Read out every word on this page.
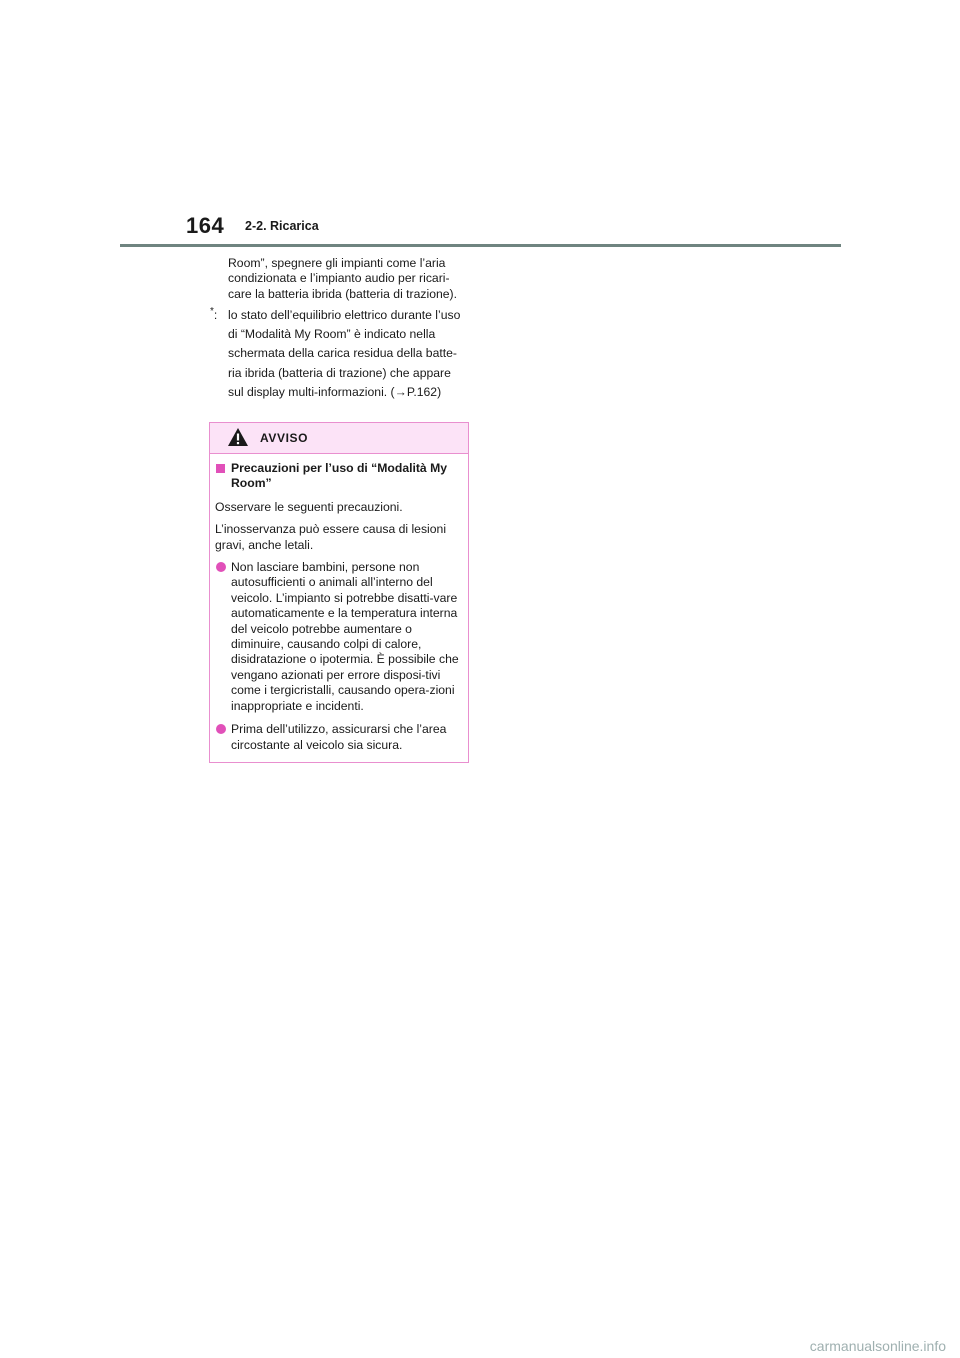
164 2-2. Ricarica
Room”, spegnere gli impianti come l’aria condizionata e l’impianto audio per ricari-care la batteria ibrida (batteria di trazione).
*: lo stato dell’equilibrio elettrico durante l’uso
di “Modalità My Room” è indicato nella
schermata della carica residua della batte-
ria ibrida (batteria di trazione) che appare
sul display multi-informazioni. (→P.162)
AVVISO
Precauzioni per l’uso di “Modalità My Room”
Osservare le seguenti precauzioni.
L’inosservanza può essere causa di lesioni gravi, anche letali.
Non lasciare bambini, persone non autosufficienti o animali all’interno del veicolo. L’impianto si potrebbe disatti-vare automaticamente e la temperatura interna del veicolo potrebbe aumentare o diminuire, causando colpi di calore, disidratazione o ipotermia. È possibile che vengano azionati per errore disposi-tivi come i tergicristalli, causando opera-zioni inappropriate e incidenti.
Prima dell’utilizzo, assicurarsi che l’area circostante al veicolo sia sicura.
carmanualsonline.info
